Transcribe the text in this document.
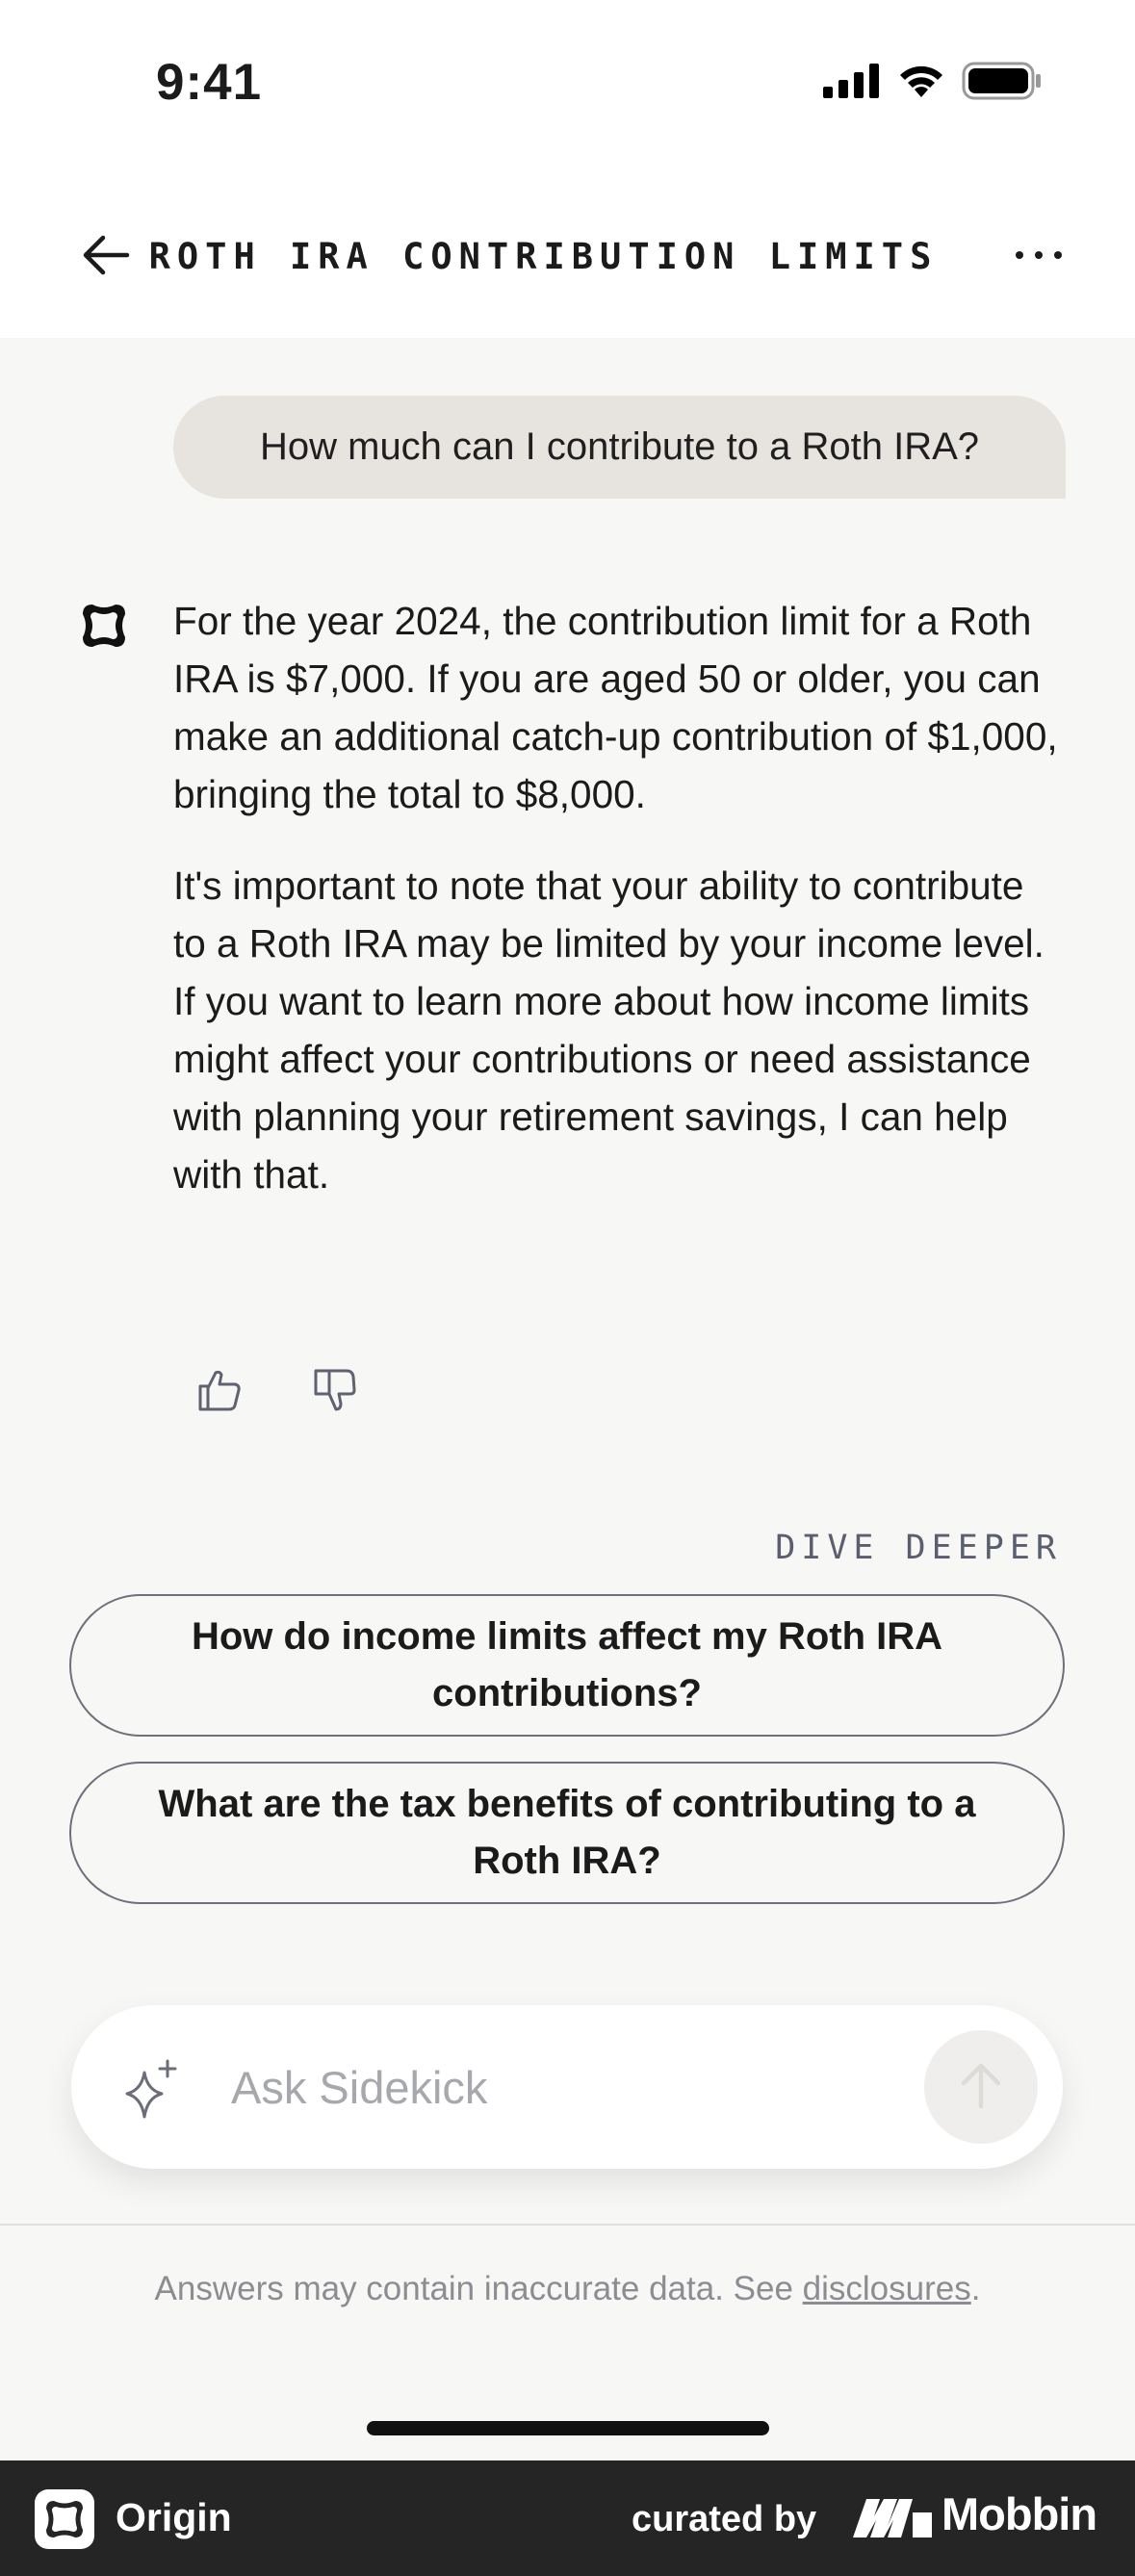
9:41
ROTH IRA CONTRIBUTION LIMITS
How much can I contribute to a Roth IRA?

For the year 2024, the contribution limit for a Roth IRA is $7,000. If you are aged 50 or older, you can make an additional catch-up contribution of $1,000, bringing the total to $8,000.

It's important to note that your ability to contribute to a Roth IRA may be limited by your income level. If you want to learn more about how income limits might affect your contributions or need assistance with planning your retirement savings, I can help with that.

DIVE DEEPER
How do income limits affect my Roth IRA contributions?
What are the tax benefits of contributing to a Roth IRA?
Ask Sidekick
Answers may contain inaccurate data. See disclosures.
Origin	curated by	Mobbin
